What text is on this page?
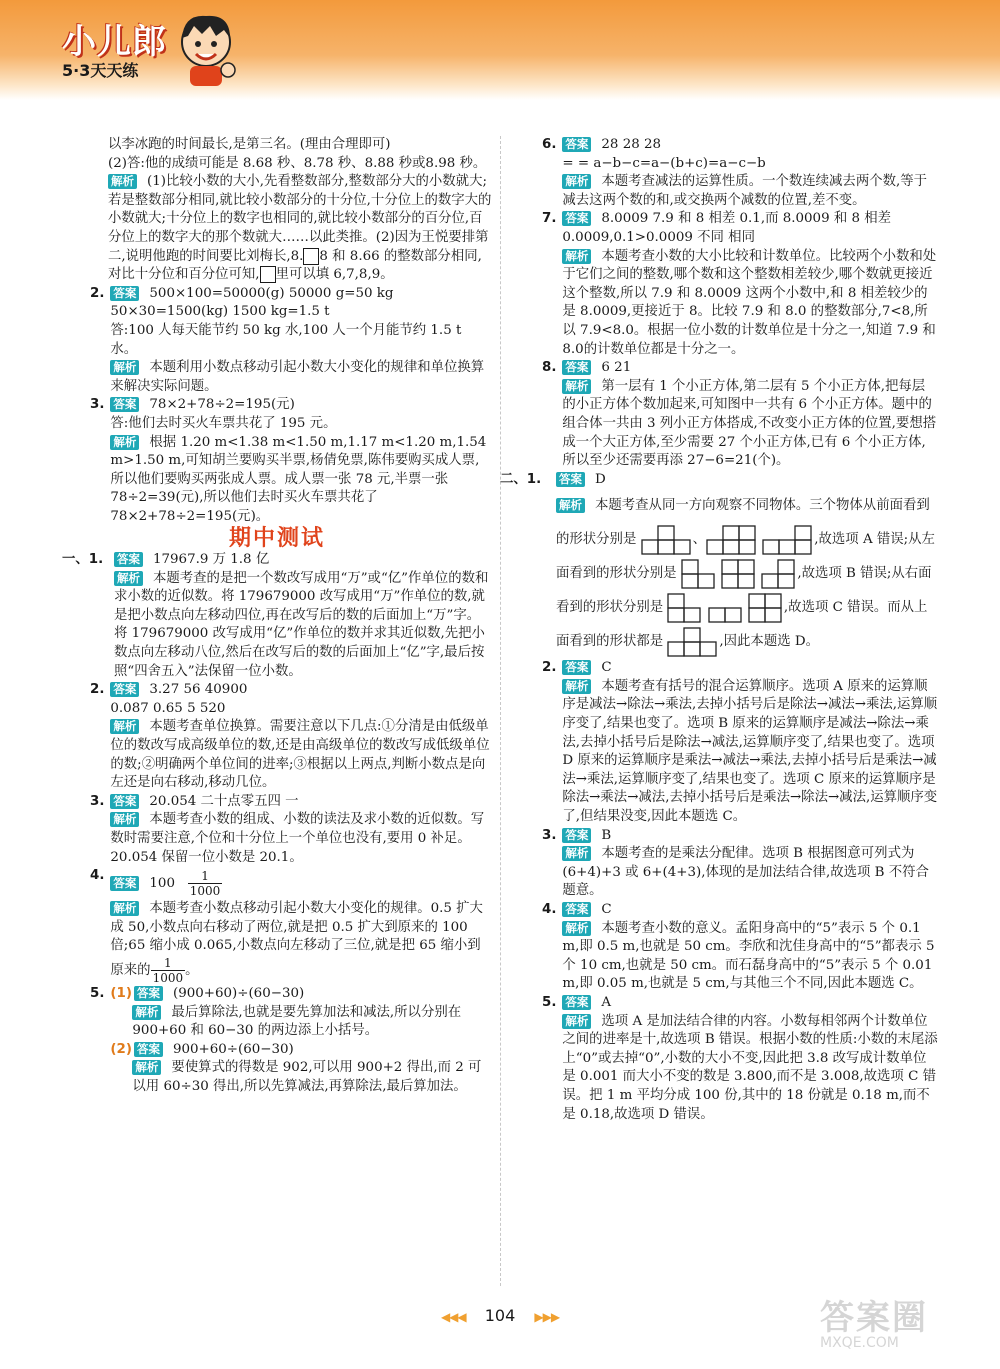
小儿郎
5·3天天练

以李冰跑的时间最长,是第三名。(理由合理即可)

(2)答:他的成绩可能是 8.68 秒、8.78 秒、8.88 秒或8.98 秒。

解析 (1)比较小数的大小,先看整数部分,整数部分大的小数就大;若是整数部分相同,就比较小数部分的十分位,十分位上的数字大的小数就大;十分位上的数字也相同的,就比较小数部分的百分位,百分位上的数字大的那个数就大……以此类推。(2)因为王悦要排第二,说明他跑的时间要比刘梅长,8. 8 和 8.66 的整数部分相同,对比十分位和百分位可知, 里可以填 6,7,8,9。

2. 答案 500×100=50000(g) 50000 g=50 kg

50×30=1500(kg) 1500 kg=1.5 t

答:100 人每天能节约 50 kg 水,100 人一个月能节约 1.5 t 水。

解析 本题利用小数点移动引起小数大小变化的规律和单位换算来解决实际问题。

3. 答案 78×2+78÷2=195(元)

答:他们去时买火车票共花了 195 元。

解析 根据 1.20 m<1.38 m<1.50 m,1.17 m<1.20 m,1.54 m>1.50 m,可知胡兰要购买半票,杨倩免票,陈伟要购买成人票,所以他们要购买两张成人票。成人票一张 78 元,半票一张 78÷2=39(元),所以他们去时买火车票共花了 78×2+78÷2=195(元)。

期中测试
一、1.	答案 17967.9 万 1.8 亿

解析 本题考查的是把一个数改写成用“万”或“亿”作单位的数和求小数的近似数。将 179679000 改写成用“万”作单位的数,就是把小数点向左移动四位,再在改写后的数的后面加上“万”字。将 179679000 改写成用“亿”作单位的数并求其近似数,先把小数点向左移动八位,然后在改写后的数的后面加上“亿”字,最后按照“四舍五入”法保留一位小数。

2. 答案 3.27 56 40900

0.087 0.65 5 520

解析 本题考查单位换算。需要注意以下几点:①分清是由低级单位的数改写成高级单位的数,还是由高级单位的数改写成低级单位的数;②明确两个单位间的进率;③根据以上两点,判断小数点是向左还是向右移动,移动几位。

3. 答案 20.054 二十点零五四 一

解析 本题考查小数的组成、小数的读法及求小数的近似数。写数时需要注意,个位和十分位上一个单位也没有,要用 0 补足。20.054 保留一位小数是 20.1。

4. 答案 $100 \frac{1}{1000}$

解析 本题考查小数点移动引起小数大小变化的规律。0.5 扩大成 50,小数点向右移动了两位,就是把 0.5 扩大到原来的 100 倍;65 缩小成 0.065,小数点向左移动了三位,就是把 65 缩小到原来的 $\frac{1}{1000}$ 。

5. (1) 答案 (900+60)÷(60−30)

解析 最后算除法,也就是要先算加法和减法,所以分别在 900+60 和 60−30 的两边添上小括号。

(2) 答案 900+60÷(60−30)

解析 要使算式的得数是 902,可以用 900+2 得出,而 2 可以用 60÷30 得出,所以先算减法,再算除法,最后算加法。

6. 答案 28 28 28

= = a−b−c=a−(b+c)=a−c−b

解析 本题考查减法的运算性质。一个数连续减去两个数,等于减去这两个数的和,或交换两个减数的位置,差不变。

7. 答案 8.0009 7.9 和 8 相差 0.1,而 8.0009 和 8 相差 0.0009,0.1>0.0009 不同 相同

解析 本题考查小数的大小比较和计数单位。比较两个小数和处于它们之间的整数,哪个数和这个整数相差较少,哪个数就更接近这个整数,所以 7.9 和 8.0009 这两个小数中,和 8 相差较少的是 8.0009,更接近于 8。比较 7.9 和 8.0 的整数部分,7<8,所以 7.9<8.0。根据一位小数的计数单位是十分之一,知道 7.9 和8.0的计数单位都是十分之一。

8. 答案 6 21

解析 第一层有 1 个小正方体,第二层有 5 个小正方体,把每层的小正方体个数加起来,可知图中一共有 6 个小正方体。题中的组合体一共由 3 列小正方体搭成,不改变小正方体的位置,要想搭成一个大正方体,至少需要 27 个小正方体,已有 6 个小正方体,所以至少还需要再添 27−6=21(个)。

二、1.	答案 D

解析 本题考查从同一方向观察不同物体。三个物体从前面看到的形状分别是	、	,故选项 A 错误;从左面看到的形状分别是	,故选项 B 错误;从右面看到的形状分别是	,故选项 C 错误。而从上面看到的形状都是	,因此本题选 D。

2. 答案 C

解析 本题考查有括号的混合运算顺序。选项 A 原来的运算顺序是减法→除法→乘法,去掉小括号后是除法→减法→乘法,运算顺序变了,结果也变了。选项 B 原来的运算顺序是减法→除法→乘法,去掉小括号后是除法→减法,运算顺序变了,结果也变了。选项 D 原来的运算顺序是乘法→减法→乘法,去掉小括号后是乘法→减法→乘法,运算顺序变了,结果也变了。选项 C 原来的运算顺序是除法→乘法→减法,去掉小括号后是乘法→除法→减法,运算顺序变了,但结果没变,因此本题选 C。

3. 答案 B

解析 本题考查的是乘法分配律。选项 B 根据图意可列式为(6+4)+3 或 6+(4+3),体现的是加法结合律,故选项 B 不符合题意。

4. 答案 C

解析 本题考查小数的意义。孟阳身高中的“5”表示 5 个 0.1 m,即 0.5 m,也就是 50 cm。李欣和沈佳身高中的“5”都表示 5 个 10 cm,也就是 50 cm。而石磊身高中的“5”表示 5 个 0.01 m,即 0.05 m,也就是 5 cm,与其他三个不同,因此本题选 C。

5. 答案 A

解析 选项 A 是加法结合律的内容。小数每相邻两个计数单位之间的进率是十,故选项 B 错误。根据小数的性质:小数的末尾添上“0”或去掉“0”,小数的大小不变,因此把 3.8 改写成计数单位是 0.001 而大小不变的数是 3.800,而不是 3.008,故选项 C 错误。把 1 m 平均分成 100 份,其中的 18 份就是 0.18 m,而不是 0.18,故选项 D 错误。

◀◀◀ 104 ▶▶▶	答案圈
MXQE.COM
